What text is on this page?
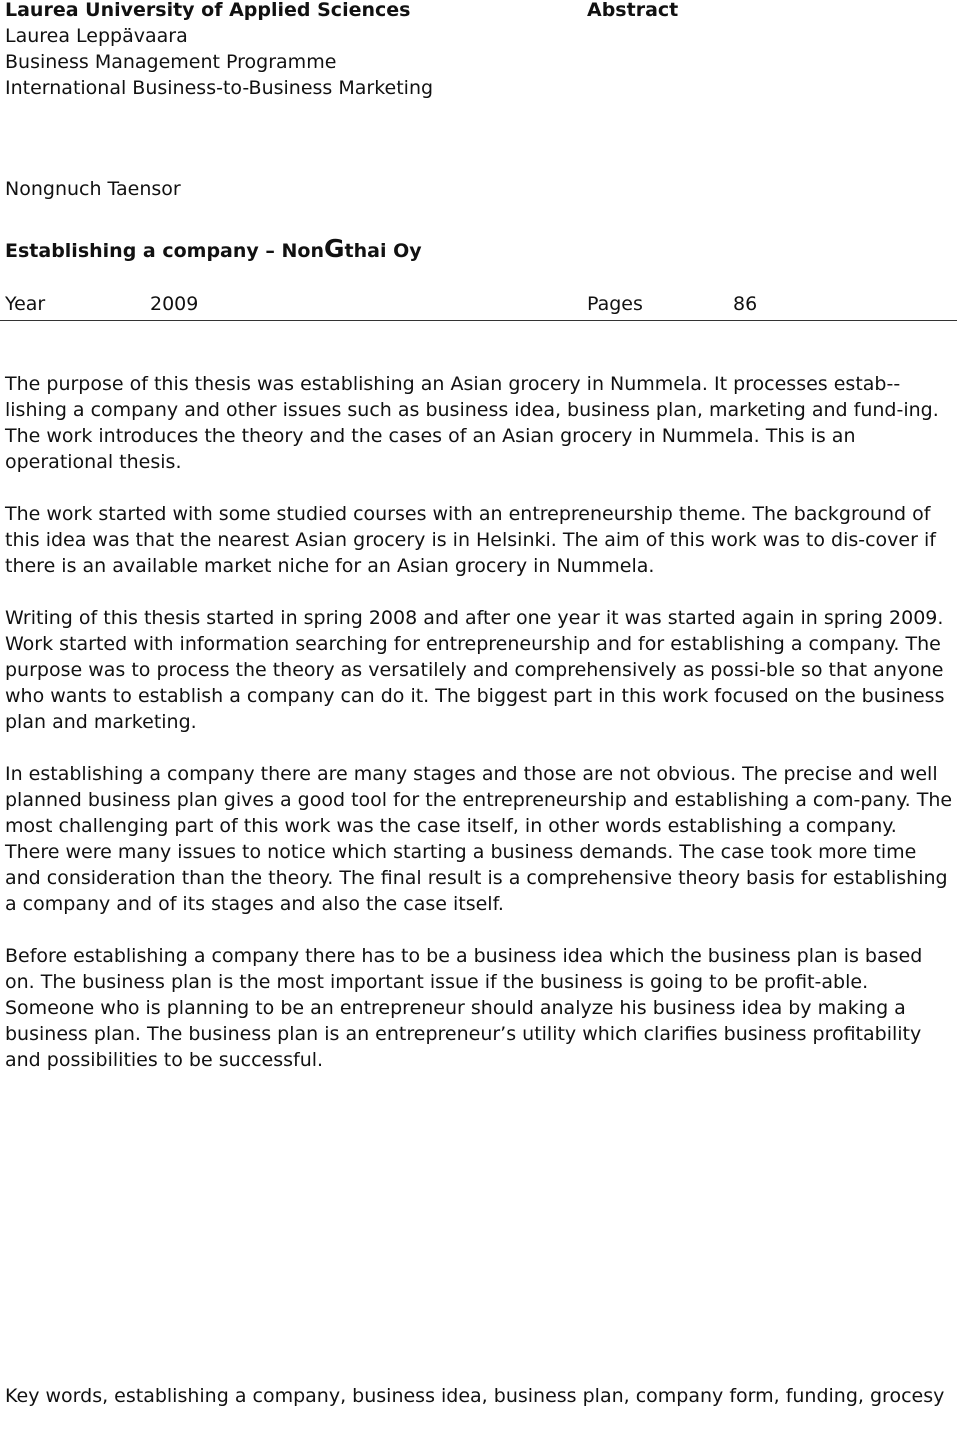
Laurea University of Applied Sciences
Laurea Leppävaara
Business Management Programme
International Business-to-Business Marketing
Abstract
Nongnuch Taensor
Establishing a company – NonGthai Oy
Year	2009	Pages	86

The purpose of this thesis was establishing an Asian grocery in Nummela. It processes estab-lishing a company and other issues such as business idea, business plan, marketing and fund-ing. The work introduces the theory and the cases of an Asian grocery in Nummela. This is an operational thesis.

The work started with some studied courses with an entrepreneurship theme. The background of this idea was that the nearest Asian grocery is in Helsinki. The aim of this work was to dis-cover if there is an available market niche for an Asian grocery in Nummela.

Writing of this thesis started in spring 2008 and after one year it was started again in spring 2009. Work started with information searching for entrepreneurship and for establishing a company. The purpose was to process the theory as versatilely and comprehensively as possi-ble so that anyone who wants to establish a company can do it. The biggest part in this work focused on the business plan and marketing.

In establishing a company there are many stages and those are not obvious. The precise and well planned business plan gives a good tool for the entrepreneurship and establishing a com-pany. The most challenging part of this work was the case itself, in other words establishing a company. There were many issues to notice which starting a business demands. The case took more time and consideration than the theory. The final result is a comprehensive theory basis for establishing a company and of its stages and also the case itself.

Before establishing a company there has to be a business idea which the business plan is based on. The business plan is the most important issue if the business is going to be profit-able. Someone who is planning to be an entrepreneur should analyze his business idea by making a business plan. The business plan is an entrepreneur’s utility which clarifies business profitability and possibilities to be successful.

Key words, establishing a company, business idea, business plan, company form, funding, grocesy
